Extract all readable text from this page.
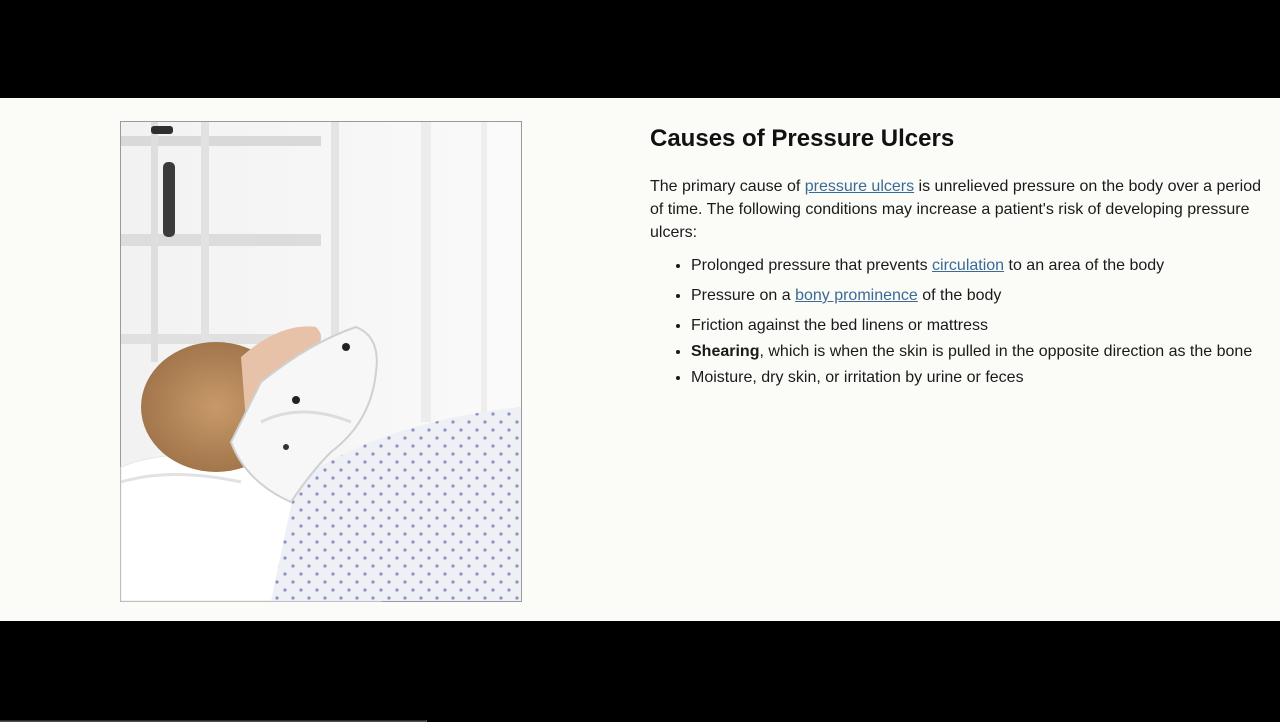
Causes of Pressure Ulcers

The primary cause of pressure ulcers is unrelieved pressure on the body over a period of time. The following conditions may increase a patient's risk of developing pressure ulcers:

• Prolonged pressure that prevents circulation to an area of the body
• Pressure on a bony prominence of the body
• Friction against the bed linens or mattress
• Shearing, which is when the skin is pulled in the opposite direction as the bone
• Moisture, dry skin, or irritation by urine or feces
